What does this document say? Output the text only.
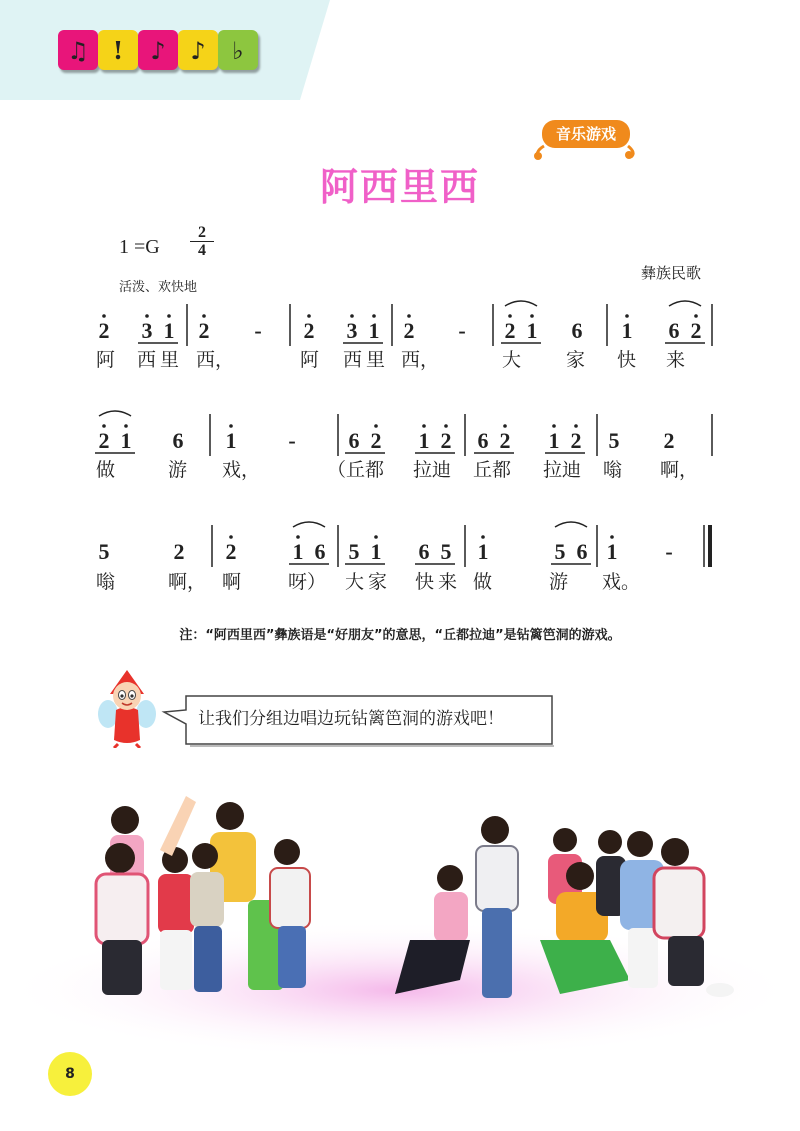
♫ !	♪	♪	♭
音乐游戏
阿西里西
1 =G
2
4
活泼、欢快地
彝族民歌
2 3 1 2 - 2 3 1 2 - 2 1 6 1 6 2
阿 西里 西，	阿 西里 西，	大 家 快 来
2 1 6 1 - 6 2 1 2 6 2 1 2 5 2
做	游 戏，	（丘都 拉迪 丘都 拉迪 嗡 啊，
5	2 2	1 6 5 1 6 5 1	5 6 1 -
嗡	啊， 啊 呀） 大家 快来 做	游 戏。
注：“阿西里西”彝族语是“好朋友”的意思，“丘都拉迪”是钻篱笆洞的游戏。
让我们分组边唱边玩钻篱笆洞的游戏吧！
8
